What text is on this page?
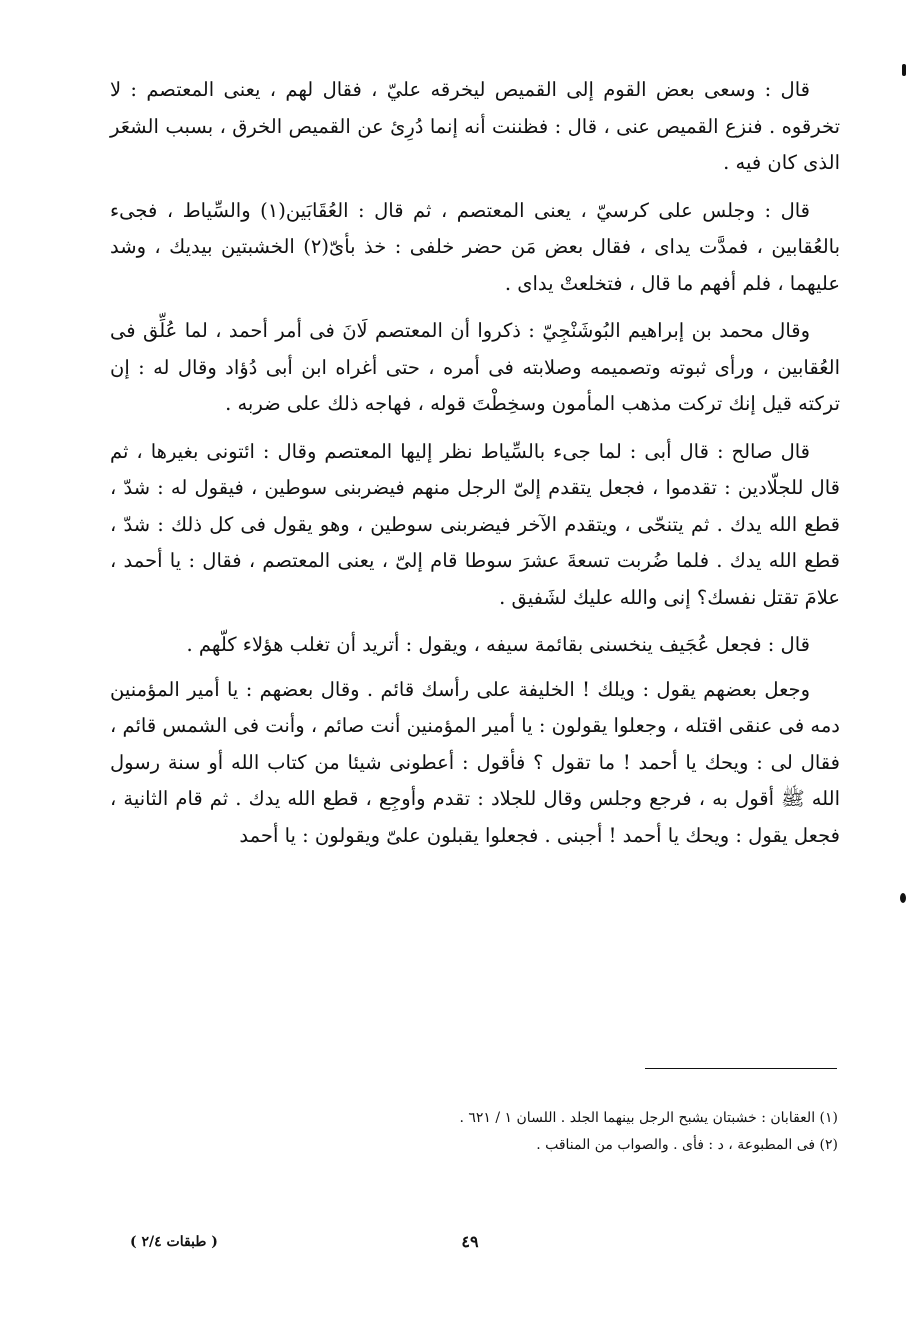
قال : وسعى بعض القوم إلى القميص ليخرقه عليّ ، فقال لهم ، يعنى المعتصم : لا تخرقوه . فنزع القميص عنى ، قال : فظننت أنه إنما دُرِئ عن القميص الخرق ، بسبب الشعَر الذى كان فيه .

قال : وجلس على كرسيّ ، يعنى المعتصم ، ثم قال : العُقَابَين(١) والسِّياط ، فجىء بالعُقابين ، فمدَّت يداى ، فقال بعض مَن حضر خلفى : خذ بأىّ(٢) الخشبتين بيديك ، وشد عليهما ، فلم أفهم ما قال ، فتخلعتْ يداى .

وقال محمد بن إبراهيم البُوشَنْجِيّ : ذكروا أن المعتصم لَانَ فى أمر أحمد ، لما عُلِّق فى العُقابين ، ورأى ثبوته وتصميمه وصلابته فى أمره ، حتى أغراه ابن أبى دُؤاد وقال له : إن تركته قيل إنك تركت مذهب المأمون وسخِطْتَ قوله ، فهاجه ذلك على ضربه .

قال صالح : قال أبى : لما جىء بالسِّياط نظر إليها المعتصم وقال : ائتونى بغيرها ، ثم قال للجلّادين : تقدموا ، فجعل يتقدم إلىّ الرجل منهم فيضربنى سوطين ، فيقول له : شدّ ، قطع الله يدك . ثم يتنحّى ، ويتقدم الآخر فيضربنى سوطين ، وهو يقول فى كل ذلك : شدّ ، قطع الله يدك . فلما ضُربت تسعةَ عشرَ سوطا قام إلىّ ، يعنى المعتصم ، فقال : يا أحمد ، علامَ تقتل نفسك؟ إنى والله عليك لشَفيق .

قال : فجعل عُجَيف ينخسنى بقائمة سيفه ، ويقول : أتريد أن تغلب هؤلاء كلّهم .

وجعل بعضهم يقول : ويلك ! الخليفة على رأسك قائم . وقال بعضهم : يا أمير المؤمنين دمه فى عنقى اقتله ، وجعلوا يقولون : يا أمير المؤمنين أنت صائم ، وأنت فى الشمس قائم ، فقال لى : ويحك يا أحمد ! ما تقول ؟ فأقول : أعطونى شيئا من كتاب الله أو سنة رسول الله ﷺ أقول به ، فرجع وجلس وقال للجلاد : تقدم وأوجِع ، قطع الله يدك . ثم قام الثانية ، فجعل يقول : ويحك يا أحمد ! أجبنى . فجعلوا يقبلون علىّ ويقولون : يا أحمد

(١) العقابان : خشبتان يشبح الرجل بينهما الجلد . اللسان ١ / ٦٢١ .

(٢) فى المطبوعة ، د : فأى . والصواب من المناقب .

٤٩
( طبقات ٢/٤ )
